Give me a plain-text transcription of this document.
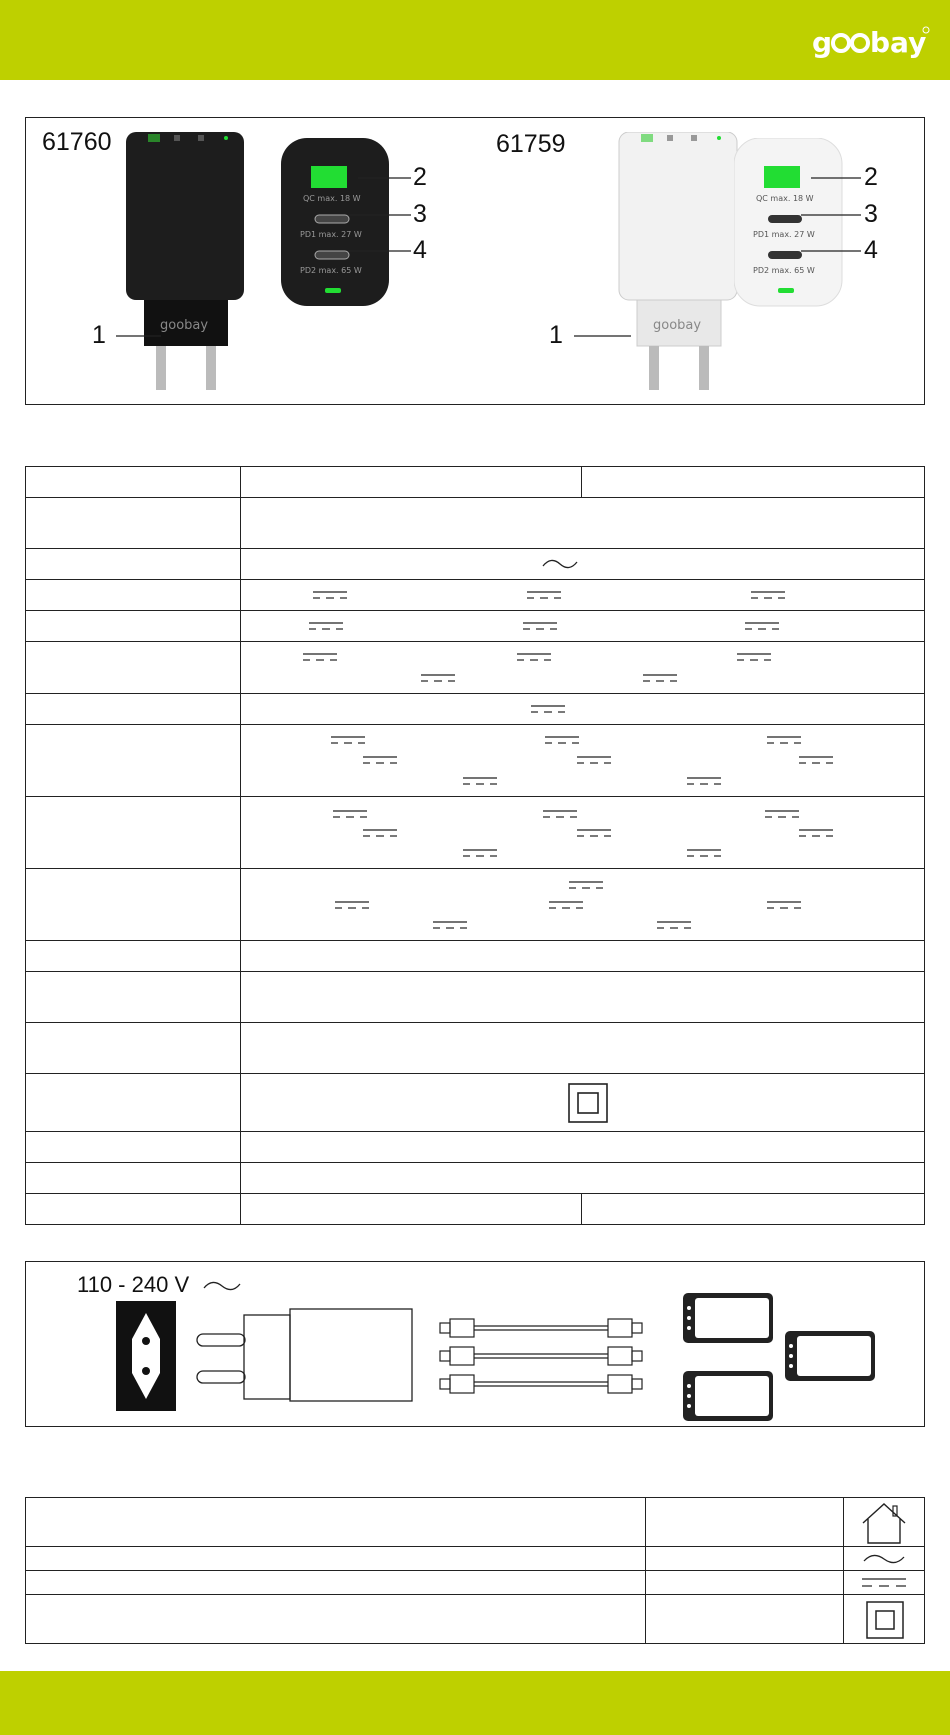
g bay
61760	61759
goobay
QC max. 18 W
PD1 max. 27 W
PD2 max. 65 W
goobay
QC max. 18 W
PD1 max. 27 W
PD2 max. 65 W
1
2
3
4
1
2
3
4

110 - 240 V
